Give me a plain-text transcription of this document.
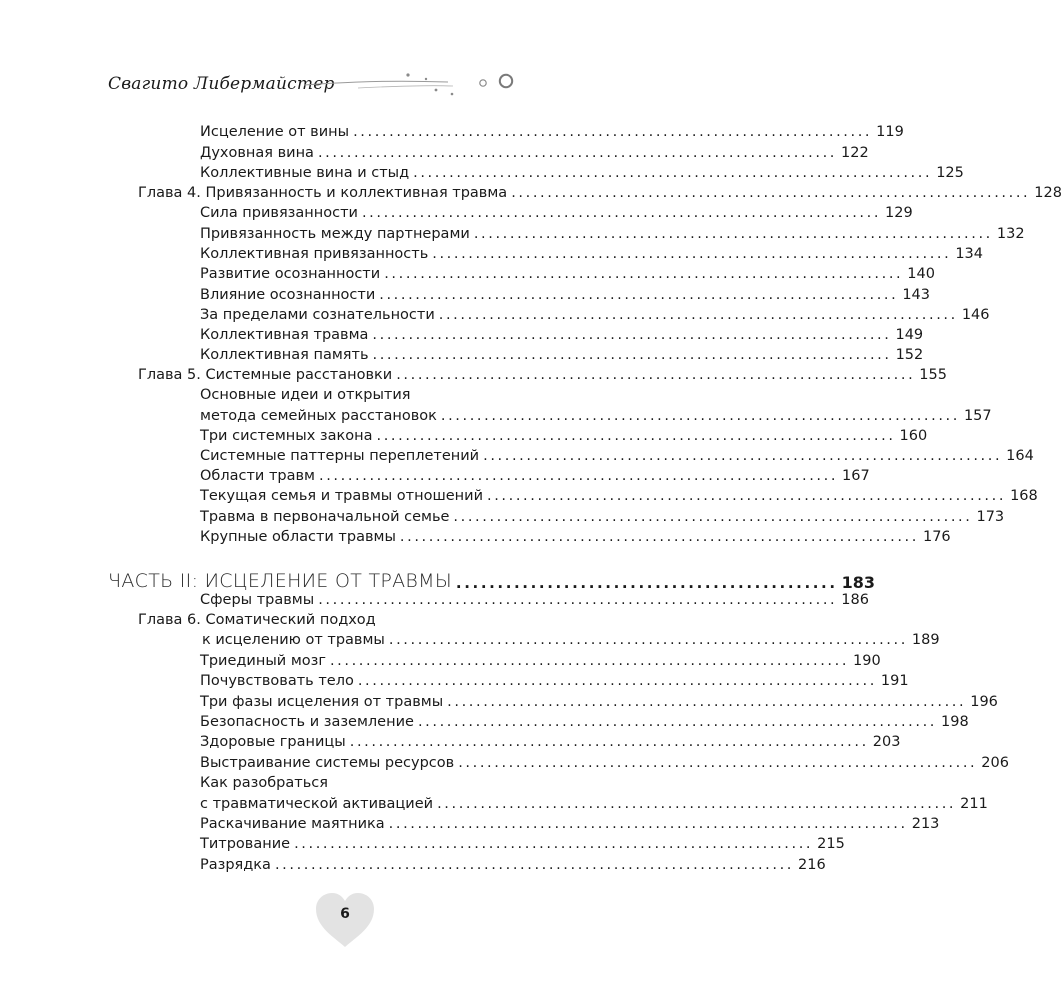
Свагито Либермайстер
Исцеление от вины ........................................................................ 119
Духовная вина ........................................................................ 122
Коллективные вина и стыд ........................................................................ 125
Глава 4. Привязанность и коллективная травма ........................................................................ 128
Сила привязанности ........................................................................ 129
Привязанность между партнерами ........................................................................ 132
Коллективная привязанность ........................................................................ 134
Развитие осознанности ........................................................................ 140
Влияние осознанности ........................................................................ 143
За пределами сознательности ........................................................................ 146
Коллективная травма ........................................................................ 149
Коллективная память ........................................................................ 152
Глава 5. Системные расстановки ........................................................................ 155
Основные идеи и открытия
метода семейных расстановок ........................................................................ 157
Три системных закона ........................................................................ 160
Системные паттерны переплетений ........................................................................ 164
Области травм ........................................................................ 167
Текущая семья и травмы отношений ........................................................................ 168
Травма в первоначальной семье ........................................................................ 173
Крупные области травмы ........................................................................ 176
ЧАСТЬ II: ИСЦЕЛЕНИЕ ОТ ТРАВМЫ .............................................. 183
Сферы травмы ........................................................................ 186
Глава 6. Соматический подход
к исцелению от травмы ........................................................................ 189
Триединый мозг ........................................................................ 190
Почувствовать тело ........................................................................ 191
Три фазы исцеления от травмы ........................................................................ 196
Безопасность и заземление ........................................................................ 198
Здоровые границы ........................................................................ 203
Выстраивание системы ресурсов ........................................................................ 206
Как разобраться
с травматической активацией ........................................................................ 211
Раскачивание маятника ........................................................................ 213
Титрование ........................................................................ 215
Разрядка ........................................................................ 216
6
